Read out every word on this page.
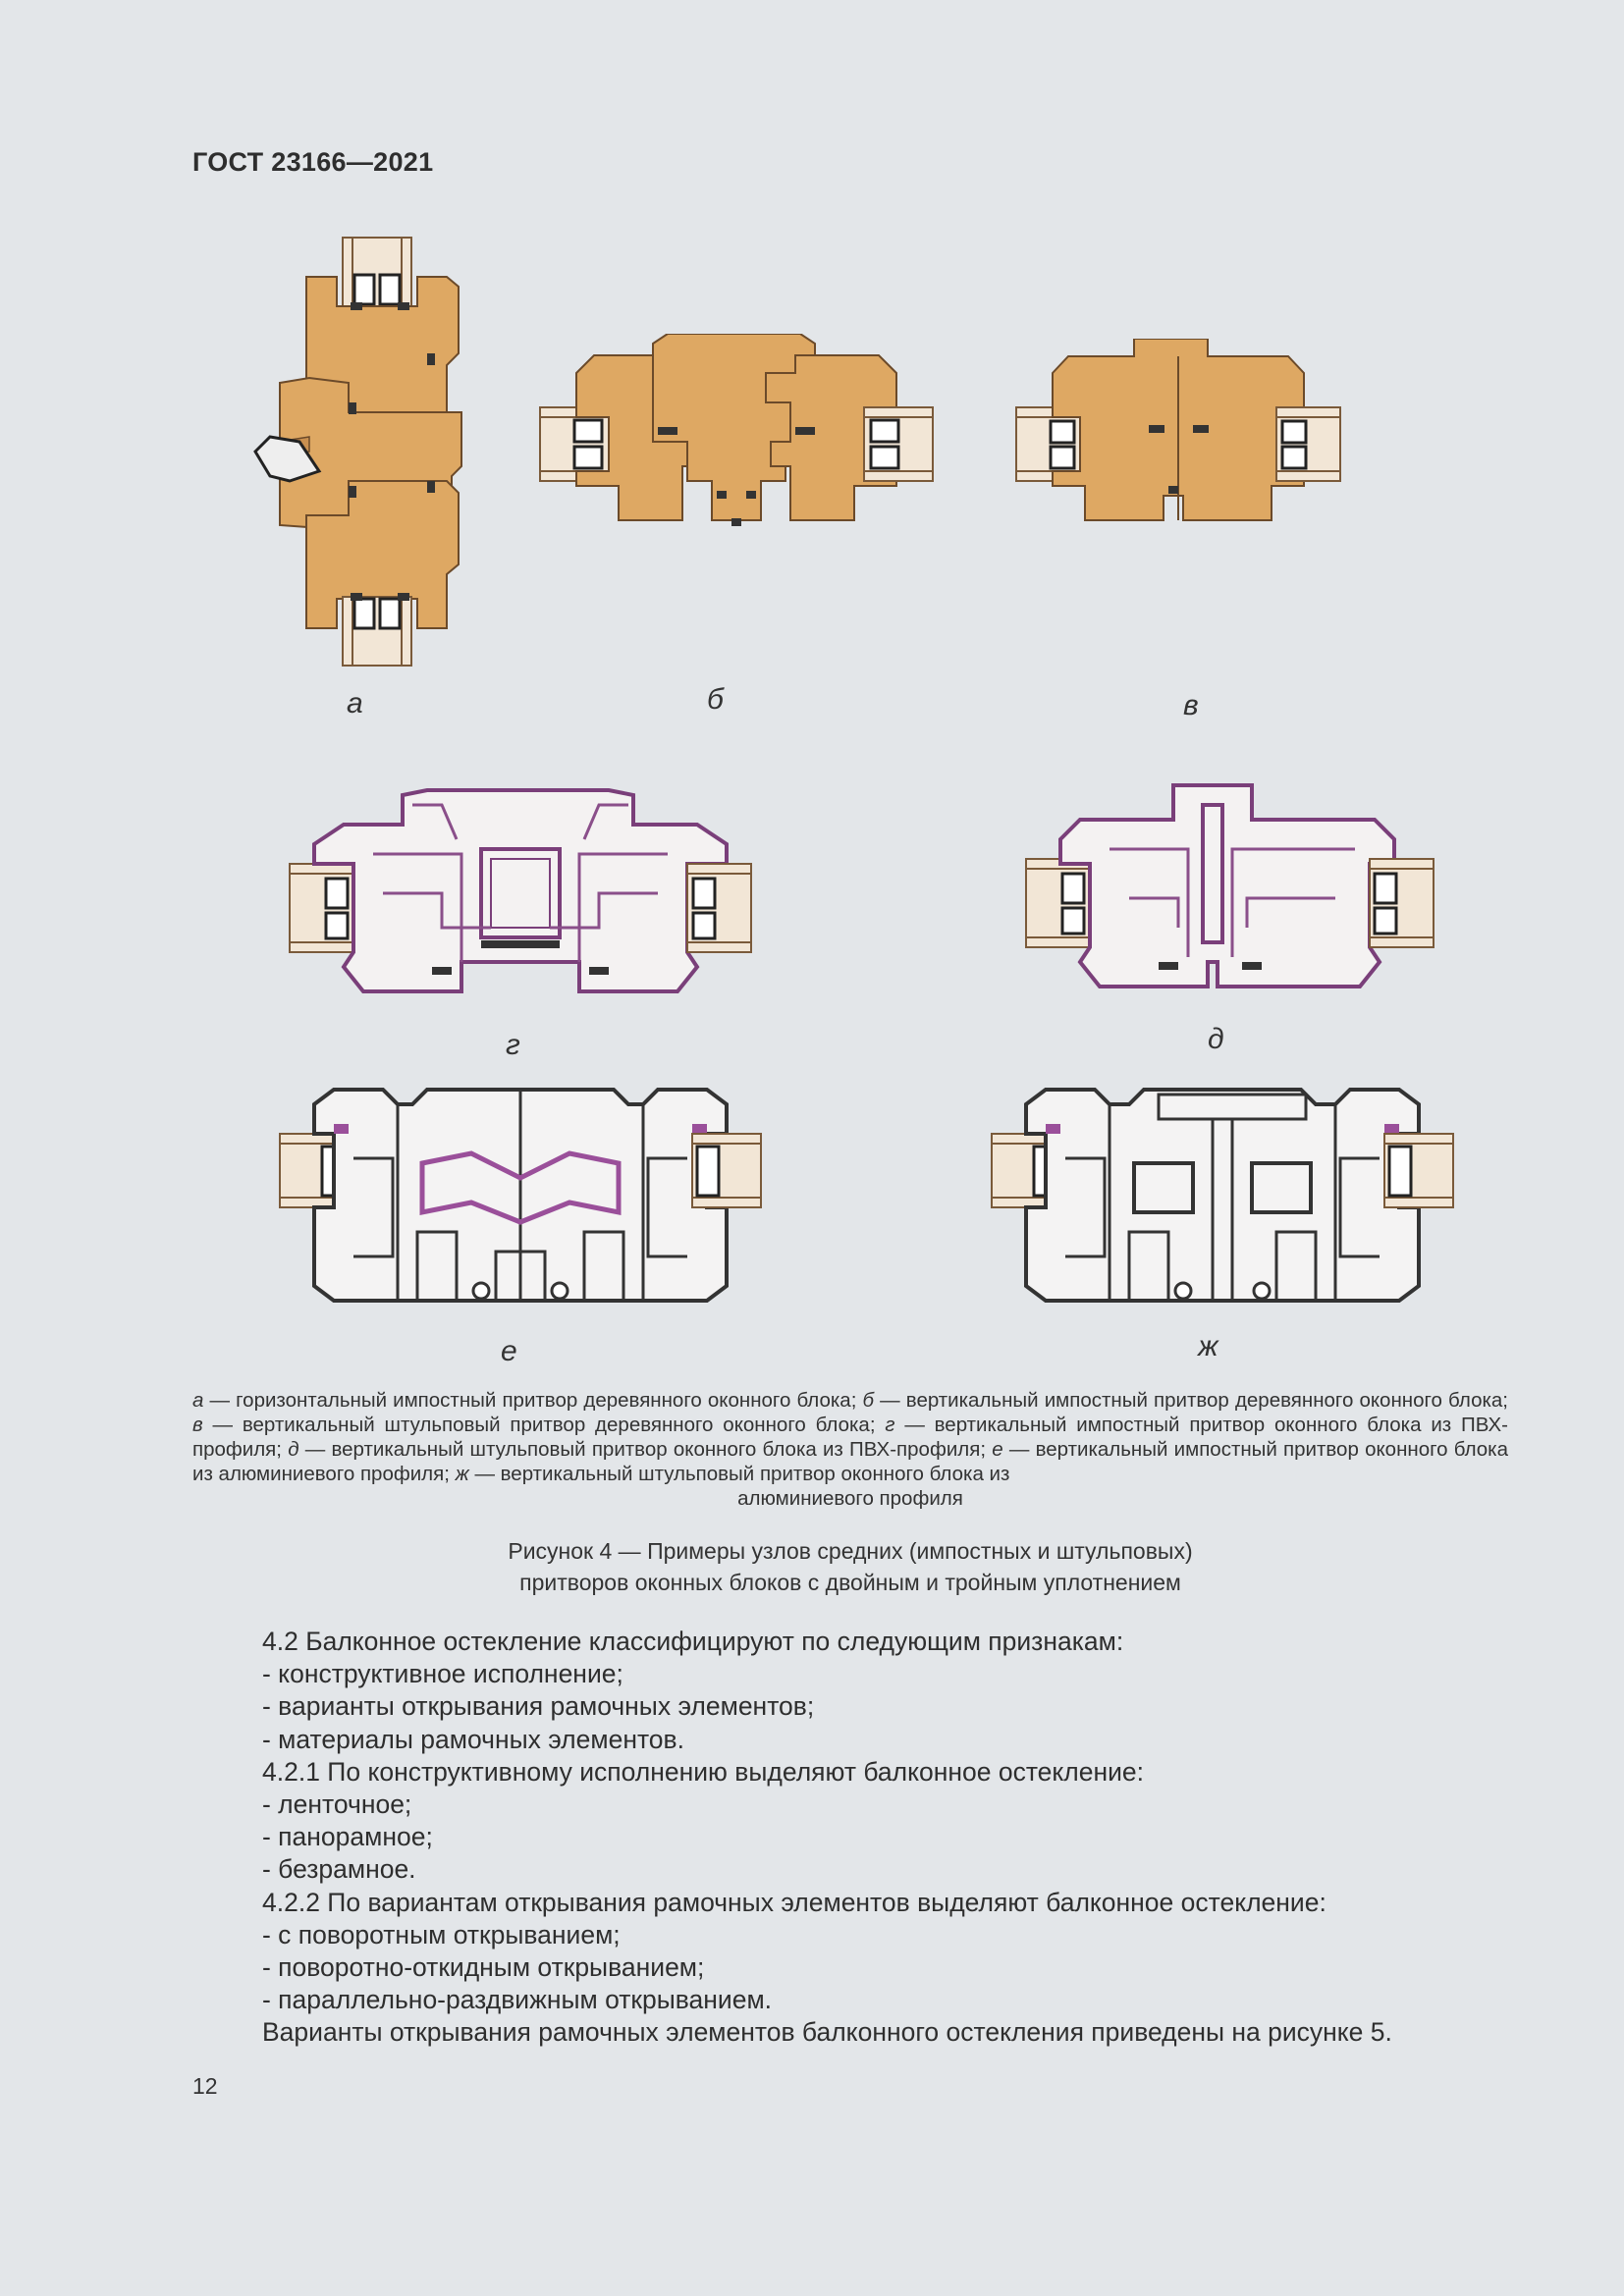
ГОСТ 23166—2021
а	б	в
г	д
е	ж
а — горизонтальный импостный притвор деревянного оконного блока; б — вертикальный импостный притвор деревянного оконного блока; в — вертикальный штульповый притвор деревянного оконного блока; г — вертикальный импостный притвор оконного блока из ПВХ-профиля; д — вертикальный штульповый притвор оконного блока из ПВХ-профиля; е — вертикальный импостный притвор оконного блока из алюминиевого профиля; ж — вертикальный штульповый притвор оконного блока из
алюминиевого профиля
Рисунок 4 — Примеры узлов средних (импостных и штульповых)
притворов оконных блоков с двойным и тройным уплотнением
4.2 Балконное остекление классифицируют по следующим признакам:
- конструктивное исполнение;
- варианты открывания рамочных элементов;
- материалы рамочных элементов.
4.2.1 По конструктивному исполнению выделяют балконное остекление:
- ленточное;
- панорамное;
- безрамное.
4.2.2 По вариантам открывания рамочных элементов выделяют балконное остекление:
- с поворотным открыванием;
- поворотно-откидным открыванием;
- параллельно-раздвижным открыванием.
Варианты открывания рамочных элементов балконного остекления приведены на рисунке 5.
12
